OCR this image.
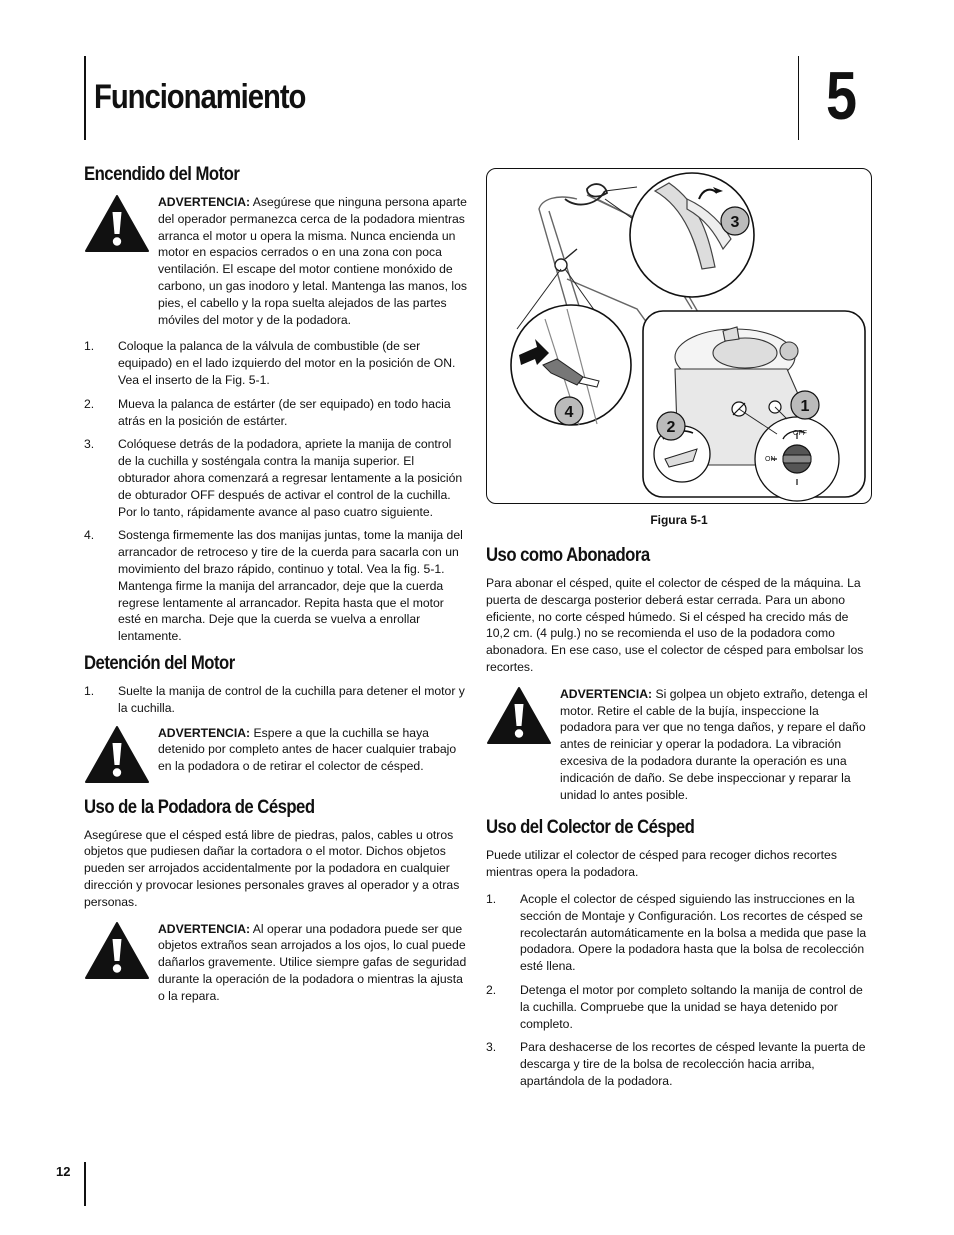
Funcionamiento	5
Encendido del Motor

ADVERTENCIA: Asegúrese que ninguna persona aparte del operador permanezca cerca de la podadora mientras arranca el motor u opera la misma. Nunca encienda un motor en espacios cerrados o en una zona con poca ventilación. El escape del motor contiene monóxido de carbono, un gas inodoro y letal. Mantenga las manos, los pies, el cabello y la ropa suelta alejados de las partes móviles del motor y de la podadora.

1. Coloque la palanca de la válvula de combustible (de ser equipado) en el lado izquierdo del motor en la posición de ON. Vea el inserto de la Fig. 5-1.
2. Mueva la palanca de estárter (de ser equipado) en todo hacia atrás en la posición de estárter.
3. Colóquese detrás de la podadora, apriete la manija de control de la cuchilla y sosténgala contra la manija superior. El obturador ahora comenzará a regresar lentamente a la posición de obturador OFF después de activar el control de la cuchilla. Por lo tanto, rápidamente avance al paso cuatro siguiente.
4. Sostenga firmemente las dos manijas juntas, tome la manija del arrancador de retroceso y tire de la cuerda para sacarla con un movimiento del brazo rápido, continuo y total. Vea la fig. 5-1. Mantenga firme la manija del arrancador, deje que la cuerda regrese lentamente al arrancador. Repita hasta que el motor esté en marcha. Deje que la cuerda se vuelva a enrollar lentamente.
Detención del Motor
1. Suelte la manija de control de la cuchilla para detener el motor y la cuchilla.

ADVERTENCIA: Espere a que la cuchilla se haya detenido por completo antes de hacer cualquier trabajo en la podadora o de retirar el colector de césped.

Uso de la Podadora de Césped

Asegúrese que el césped está libre de piedras, palos, cables u otros objetos que pudiesen dañar la cortadora o el motor. Dichos objetos pueden ser arrojados accidentalmente por la podadora en cualquier dirección y provocar lesiones personales graves al operador y a otras personas.

ADVERTENCIA: Al operar una podadora puede ser que objetos extraños sean arrojados a los ojos, lo cual puede dañarlos gravemente. Utilice siempre gafas de seguridad durante la operación de la podadora o mientras la ajusta o la repara.

1
2
3
4
OFF
ON
Figura 5-1
Uso como Abonadora

Para abonar el césped, quite el colector de césped de la máquina. La puerta de descarga posterior deberá estar cerrada. Para un abono eficiente, no corte césped húmedo. Si el césped ha crecido más de 10,2 cm. (4 pulg.) no se recomienda el uso de la podadora como abonadora. En ese caso, use el colector de césped para embolsar los recortes.

ADVERTENCIA: Si golpea un objeto extraño, detenga el motor. Retire el cable de la bujía, inspeccione la podadora para ver que no tenga daños, y repare el daño antes de reiniciar y operar la podadora. La vibración excesiva de la podadora durante la operación es una indicación de daño. Se debe inspeccionar y reparar la unidad lo antes posible.

Uso del Colector de Césped

Puede utilizar el colector de césped para recoger dichos recortes mientras opera la podadora.

1. Acople el colector de césped siguiendo las instrucciones en la sección de Montaje y Configuración. Los recortes de césped se recolectarán automáticamente en la bolsa a medida que pase la podadora. Opere la podadora hasta que la bolsa de recolección esté llena.
2. Detenga el motor por completo soltando la manija de control de la cuchilla. Compruebe que la unidad se haya detenido por completo.
3. Para deshacerse de los recortes de césped levante la puerta de descarga y tire de la bolsa de recolección hacia arriba, apartándola de la podadora.
12
